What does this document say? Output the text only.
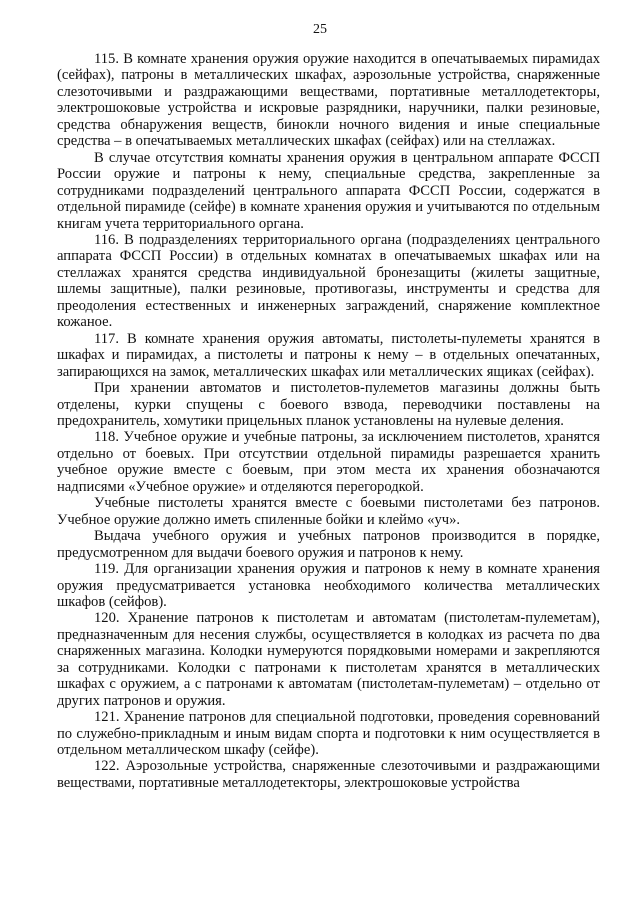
25

115. В комнате хранения оружия оружие находится в опечатываемых пирамидах (сейфах), патроны в металлических шкафах, аэрозольные устройства, снаряженные слезоточивыми и раздражающими веществами, портативные металлодетекторы, электрошоковые устройства и искровые разрядники, наручники, палки резиновые, средства обнаружения веществ, бинокли ночного видения и иные специальные средства – в опечатываемых металлических шкафах (сейфах) или на стеллажах.

В случае отсутствия комнаты хранения оружия в центральном аппарате ФССП России оружие и патроны к нему, специальные средства, закрепленные за сотрудниками подразделений центрального аппарата ФССП России, содержатся в отдельной пирамиде (сейфе) в комнате хранения оружия и учитываются по отдельным книгам учета территориального органа.

116. В подразделениях территориального органа (подразделениях центрального аппарата ФССП России) в отдельных комнатах в опечатываемых шкафах или на стеллажах хранятся средства индивидуальной бронезащиты (жилеты защитные, шлемы защитные), палки резиновые, противогазы, инструменты и средства для преодоления естественных и инженерных заграждений, снаряжение комплектное кожаное.

117. В комнате хранения оружия автоматы, пистолеты-пулеметы хранятся в шкафах и пирамидах, а пистолеты и патроны к нему – в отдельных опечатанных, запирающихся на замок, металлических шкафах или металлических ящиках (сейфах).

При хранении автоматов и пистолетов-пулеметов магазины должны быть отделены, курки спущены с боевого взвода, переводчики поставлены на предохранитель, хомутики прицельных планок установлены на нулевые деления.

118. Учебное оружие и учебные патроны, за исключением пистолетов, хранятся отдельно от боевых. При отсутствии отдельной пирамиды разрешается хранить учебное оружие вместе с боевым, при этом места их хранения обозначаются надписями «Учебное оружие» и отделяются перегородкой.

Учебные пистолеты хранятся вместе с боевыми пистолетами без патронов. Учебное оружие должно иметь спиленные бойки и клеймо «уч».

Выдача учебного оружия и учебных патронов производится в порядке, предусмотренном для выдачи боевого оружия и патронов к нему.

119. Для организации хранения оружия и патронов к нему в комнате хранения оружия предусматривается установка необходимого количества металлических шкафов (сейфов).

120. Хранение патронов к пистолетам и автоматам (пистолетам-пулеметам), предназначенным для несения службы, осуществляется в колодках из расчета по два снаряженных магазина. Колодки нумеруются порядковыми номерами и закрепляются за сотрудниками. Колодки с патронами к пистолетам хранятся в металлических шкафах с оружием, а с патронами к автоматам (пистолетам-пулеметам) – отдельно от других патронов и оружия.

121. Хранение патронов для специальной подготовки, проведения соревнований по служебно-прикладным и иным видам спорта и подготовки к ним осуществляется в отдельном металлическом шкафу (сейфе).

122. Аэрозольные устройства, снаряженные слезоточивыми и раздражающими веществами, портативные металлодетекторы, электрошоковые устройства
